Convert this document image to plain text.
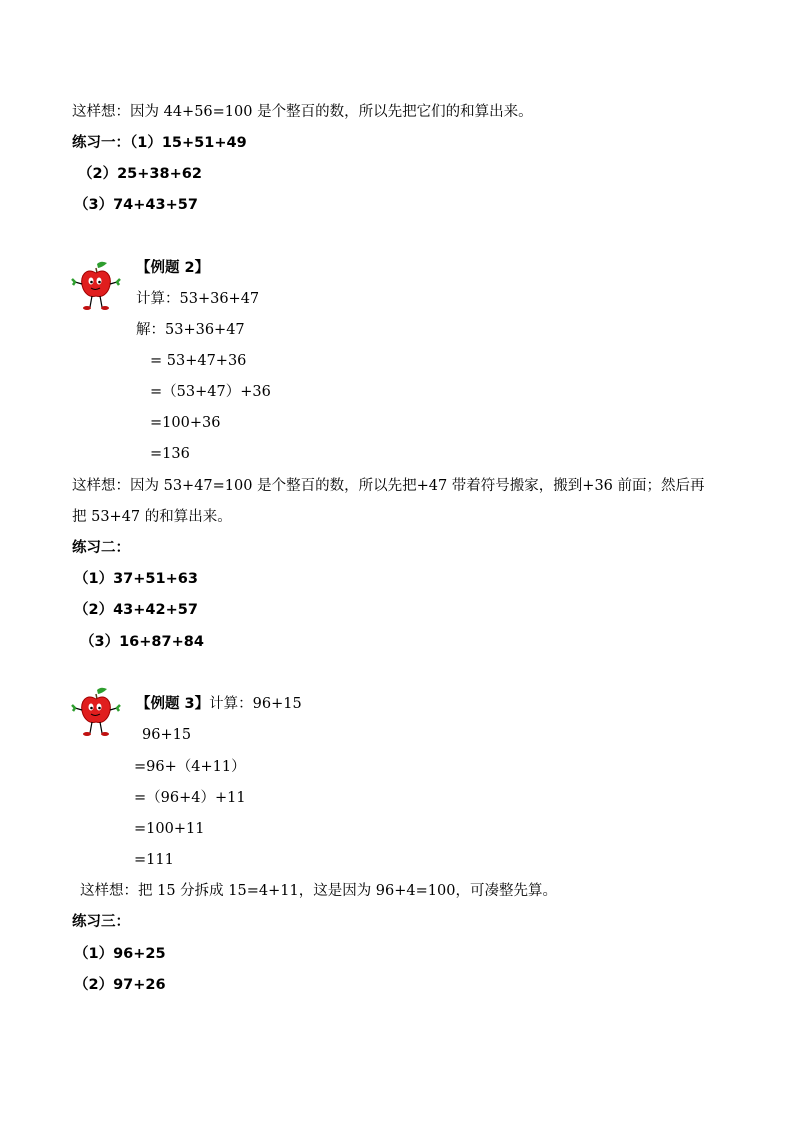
这样想：因为 44+56=100 是个整百的数，所以先把它们的和算出来。
练习一：（1）15+51+49
（2）25+38+62
（3）74+43+57
【例题 2】
计算：53+36+47
解：53+36+47
= 53+47+36
=（53+47）+36
=100+36
=136
这样想：因为 53+47=100 是个整百的数，所以先把+47 带着符号搬家，搬到+36 前面；然后再
把 53+47 的和算出来。
练习二：
（1）37+51+63
（2）43+42+57
（3）16+87+84
【例题 3】计算：96+15
96+15
=96+（4+11）
=（96+4）+11
=100+11
=111
这样想：把 15 分拆成 15=4+11，这是因为 96+4=100，可凑整先算。
练习三：
（1）96+25
（2）97+26
